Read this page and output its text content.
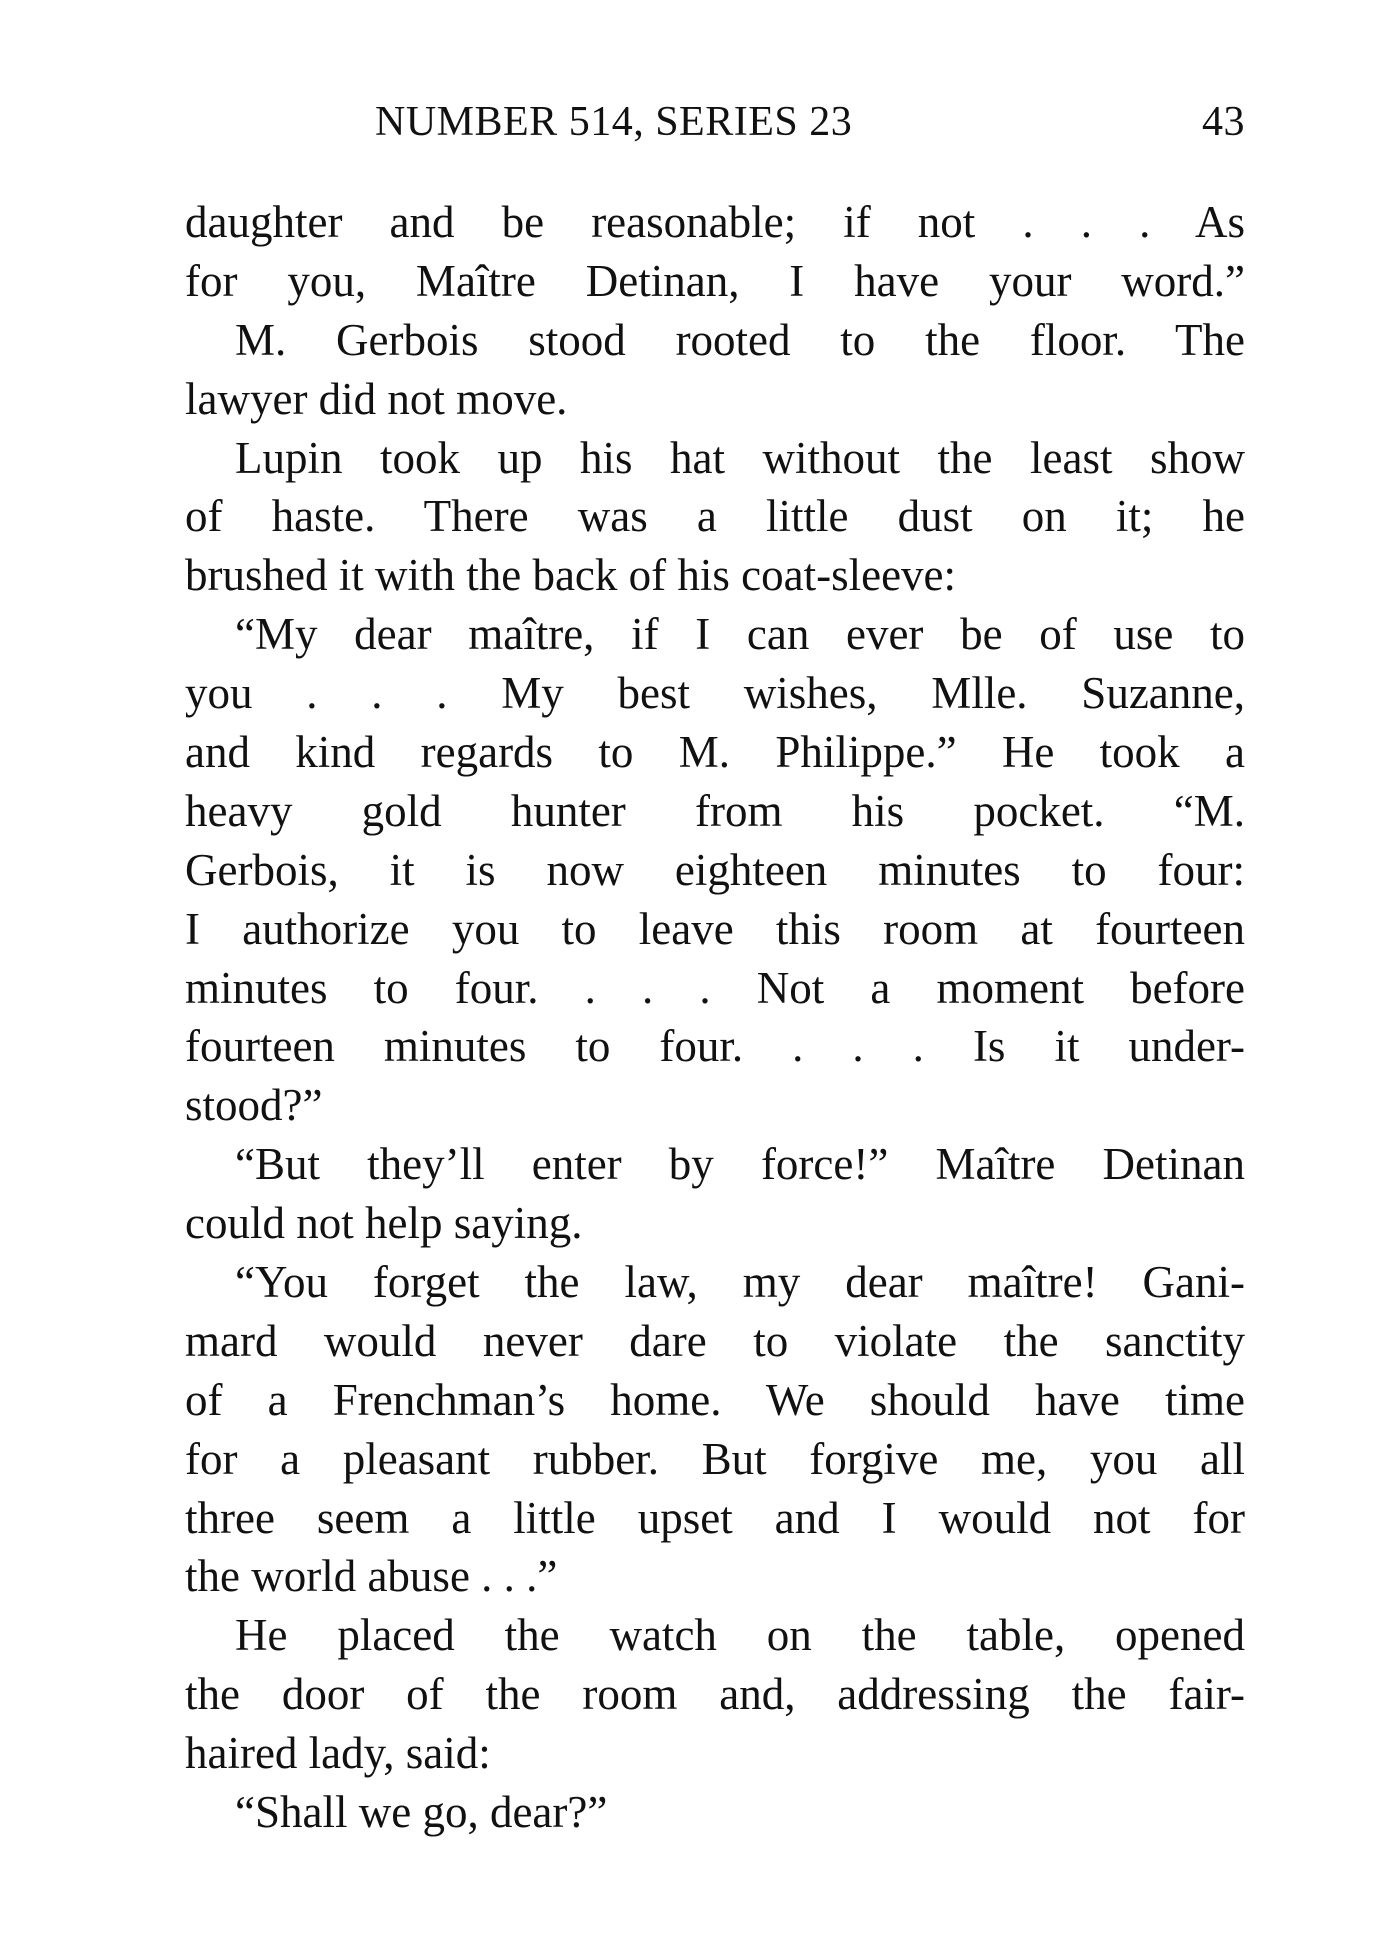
NUMBER 514, SERIES 23	43
daughter and be reasonable; if not . . . As
for you, Maître Detinan, I have your word.”
M. Gerbois stood rooted to the floor. The
lawyer did not move.
Lupin took up his hat without the least show
of haste. There was a little dust on it; he
brushed it with the back of his coat-sleeve:
“My dear maître, if I can ever be of use to
you . . . My best wishes, Mlle. Suzanne,
and kind regards to M. Philippe.” He took a
heavy gold hunter from his pocket. “M.
Gerbois, it is now eighteen minutes to four:
I authorize you to leave this room at fourteen
minutes to four. . . . Not a moment before
fourteen minutes to four. . . . Is it under-
stood?”
“But they’ll enter by force!” Maître Detinan
could not help saying.
“You forget the law, my dear maître! Gani-
mard would never dare to violate the sanctity
of a Frenchman’s home. We should have time
for a pleasant rubber. But forgive me, you all
three seem a little upset and I would not for
the world abuse . . .”
He placed the watch on the table, opened
the door of the room and, addressing the fair-
haired lady, said:
“Shall we go, dear?”
